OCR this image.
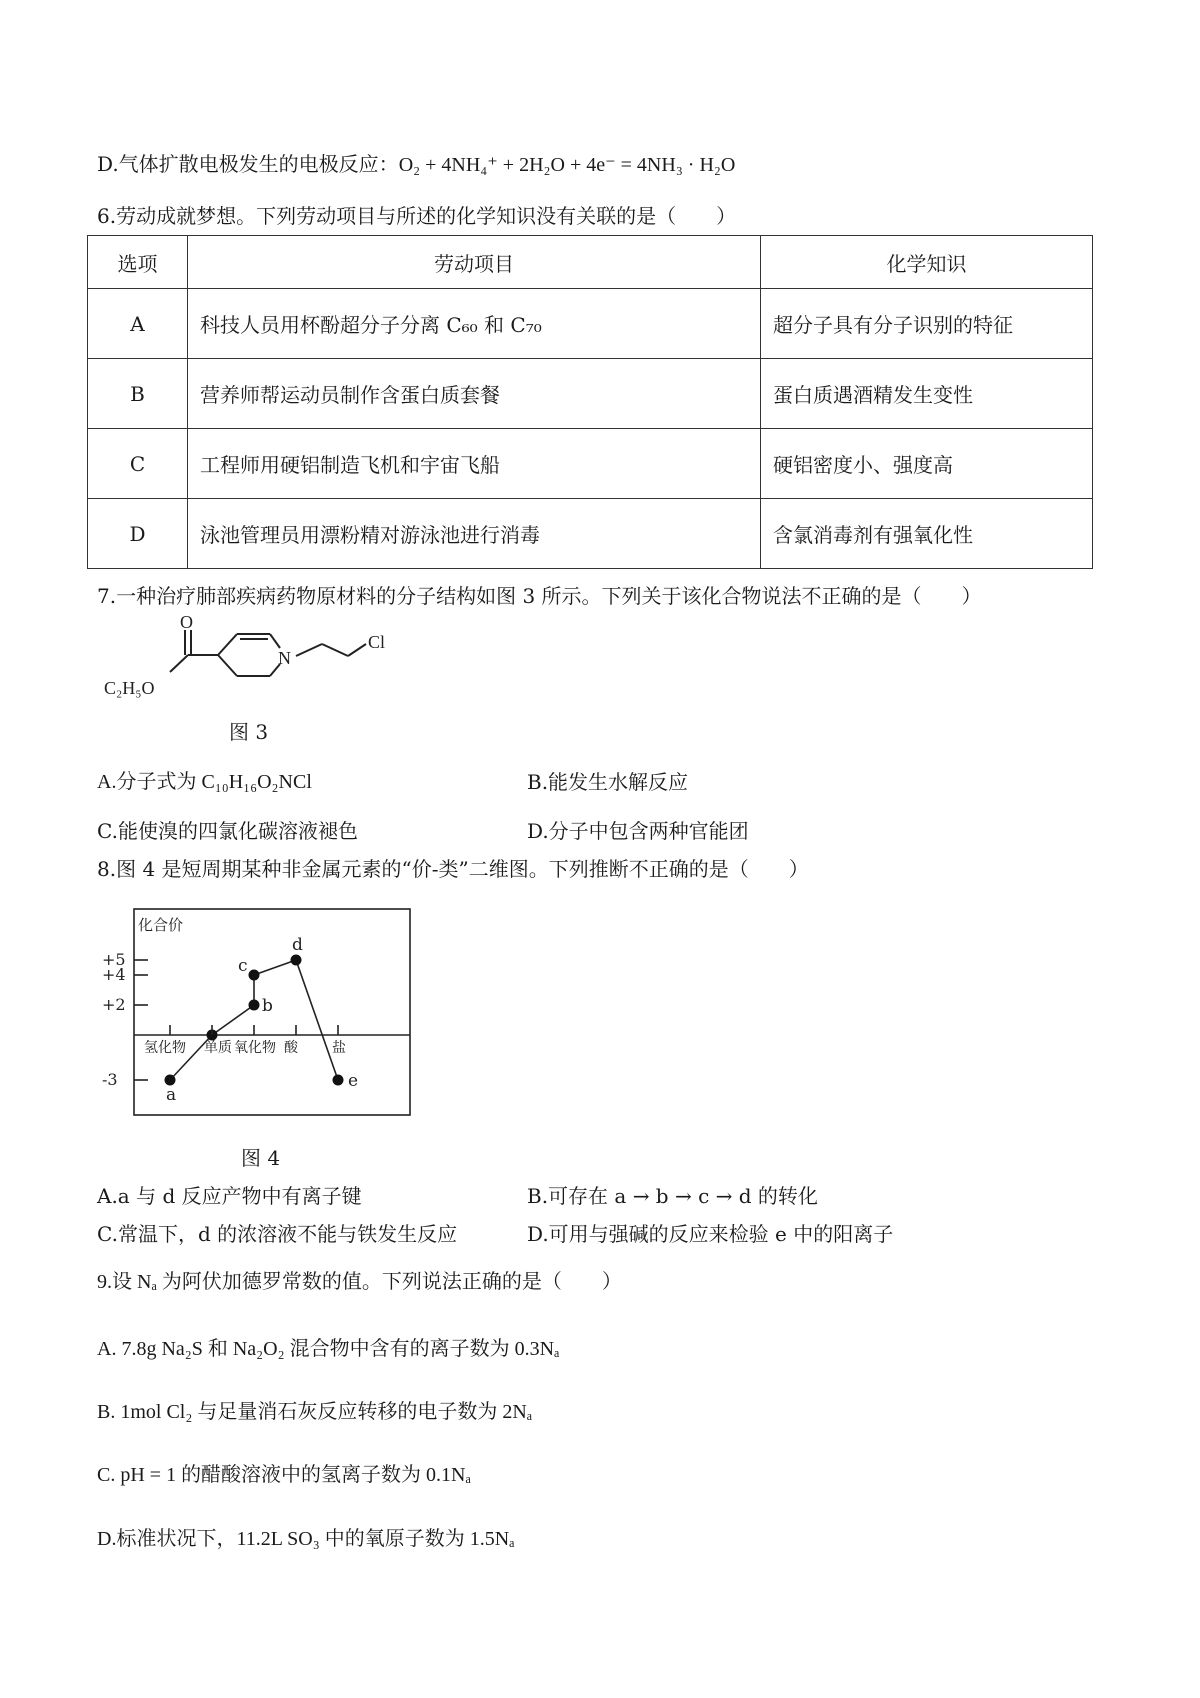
D.气体扩散电极发生的电极反应：O₂ + 4NH₄⁺ + 2H₂O + 4e⁻ = 4NH₃ · H₂O
6.劳动成就梦想。下列劳动项目与所述的化学知识没有关联的是（　　）
选项	劳动项目	化学知识
A	科技人员用杯酚超分子分离 C₆₀ 和 C₇₀	超分子具有分子识别的特征
B	营养师帮运动员制作含蛋白质套餐	蛋白质遇酒精发生变性
C	工程师用硬铝制造飞机和宇宙飞船	硬铝密度小、强度高
D	泳池管理员用漂粉精对游泳池进行消毒	含氯消毒剂有强氧化性
7.一种治疗肺部疾病药物原材料的分子结构如图 3 所示。下列关于该化合物说法不正确的是（　　）
O
C₂H₅O
N
Cl
图 3
A.分子式为 C₁₀H₁₆O₂NCl	B.能发生水解反应
C.能使溴的四氯化碳溶液褪色	D.分子中包含两种官能团
8.图 4 是短周期某种非金属元素的“价-类”二维图。下列推断不正确的是（　　）
化合价
+5
+4
+2
-3
a
b
c
d
e
氢化物 单质 氧化物 酸 盐
图 4
A.a 与 d 反应产物中有离子键	B.可存在 a → b → c → d 的转化
C.常温下，d 的浓溶液不能与铁发生反应	D.可用与强碱的反应来检验 e 中的阳离子
9.设 Nₐ 为阿伏加德罗常数的值。下列说法正确的是（　　）
A. 7.8g Na₂S 和 Na₂O₂ 混合物中含有的离子数为 0.3Nₐ
B. 1mol Cl₂ 与足量消石灰反应转移的电子数为 2Nₐ
C. pH = 1 的醋酸溶液中的氢离子数为 0.1Nₐ
D.标准状况下，11.2L SO₃ 中的氧原子数为 1.5Nₐ
